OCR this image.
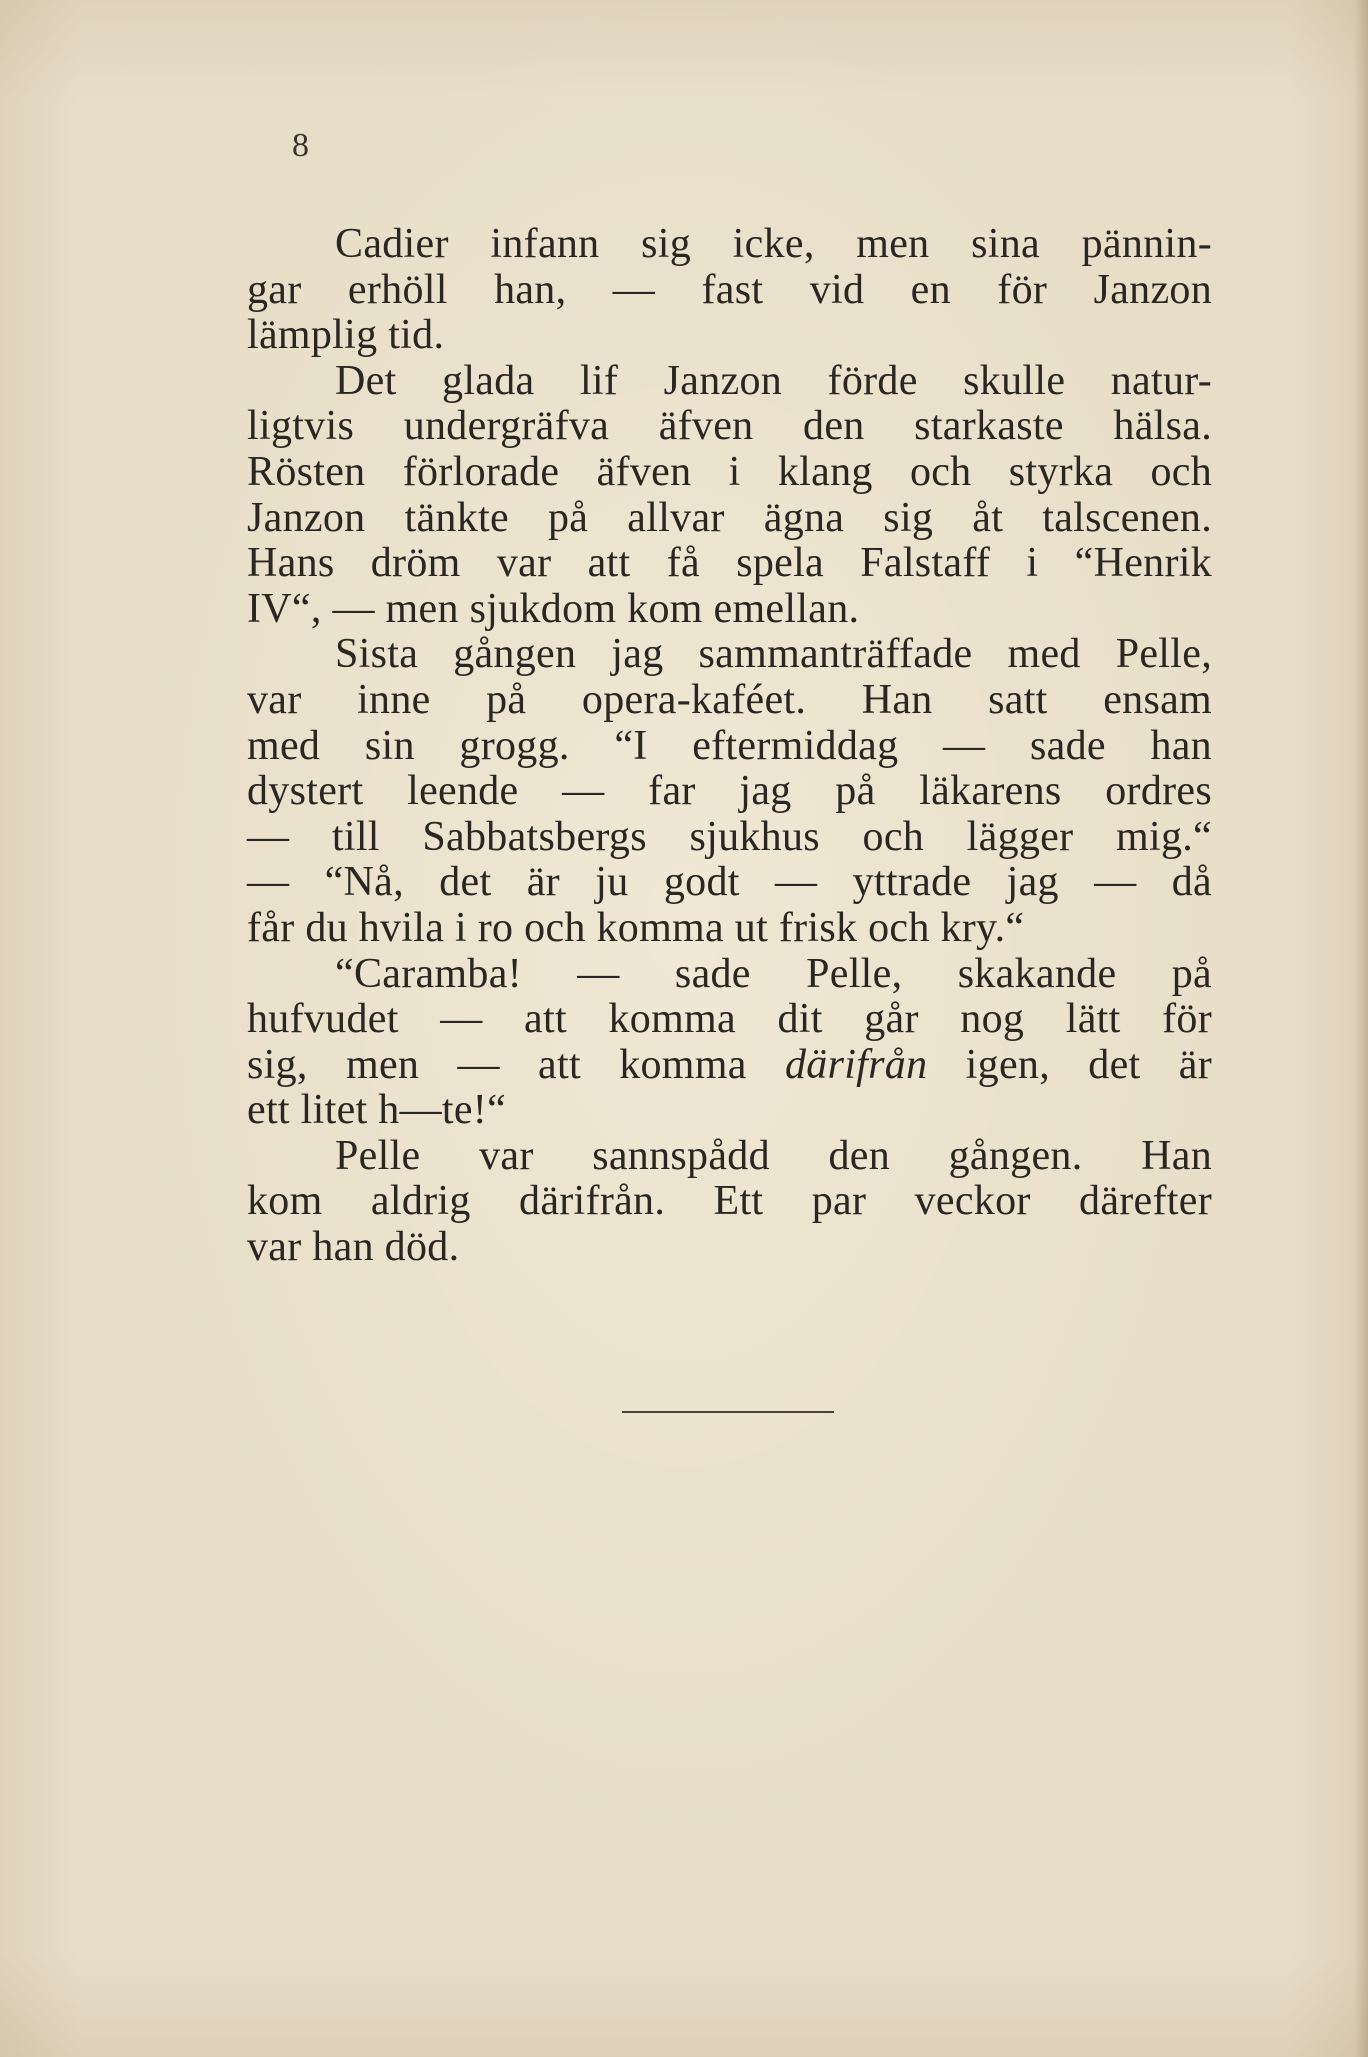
8

Cadier infann sig icke, men sina pännin-
gar erhöll han, — fast vid en för Janzon
lämplig tid.

Det glada lif Janzon förde skulle natur-
ligtvis undergräfva äfven den starkaste hälsa.
Rösten förlorade äfven i klang och styrka och
Janzon tänkte på allvar ägna sig åt talscenen.
Hans dröm var att få spela Falstaff i “Henrik
IV“, — men sjukdom kom emellan.

Sista gången jag sammanträffade med Pelle,
var inne på opera-kaféet. Han satt ensam
med sin grogg. “I eftermiddag — sade han
dystert leende — far jag på läkarens ordres
— till Sabbatsbergs sjukhus och lägger mig.“
— “Nå, det är ju godt — yttrade jag — då
får du hvila i ro och komma ut frisk och kry.“

“Caramba! — sade Pelle, skakande på
hufvudet — att komma dit går nog lätt för
sig, men — att komma därifrån igen, det är
ett litet h—te!“

Pelle var sannspådd den gången. Han
kom aldrig därifrån. Ett par veckor därefter
var han död.
